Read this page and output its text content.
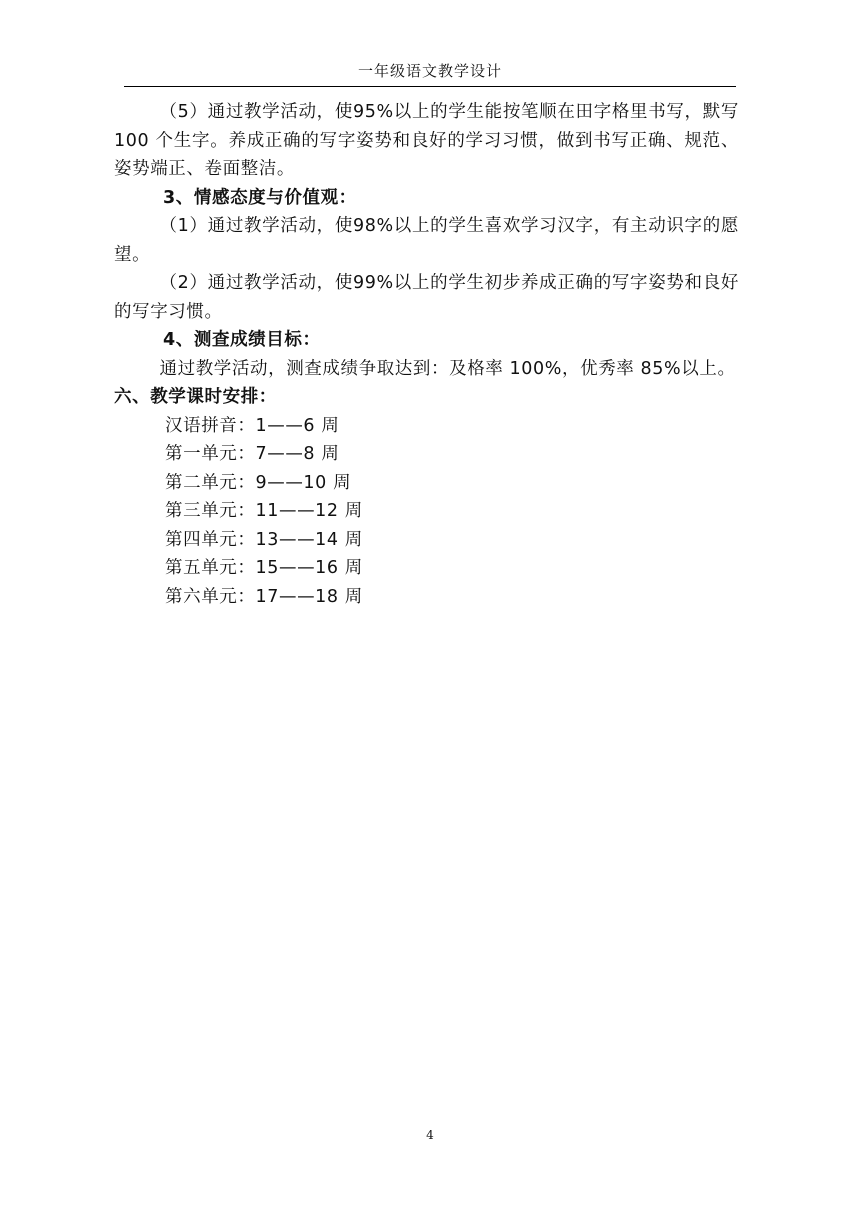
一年级语文教学设计

（5）通过教学活动，使95%以上的学生能按笔顺在田字格里书写，默写 100 个生字。养成正确的写字姿势和良好的学习习惯，做到书写正确、规范、姿势端正、卷面整洁。

3、情感态度与价值观：

（1）通过教学活动，使98%以上的学生喜欢学习汉字，有主动识字的愿望。

（2）通过教学活动，使99%以上的学生初步养成正确的写字姿势和良好的写字习惯。

4、测查成绩目标：

通过教学活动，测查成绩争取达到：及格率 100%，优秀率 85%以上。

六、教学课时安排：

汉语拼音：1——6 周

第一单元：7——8 周

第二单元：9——10 周

第三单元：11——12 周

第四单元：13——14 周

第五单元：15——16 周

第六单元：17——18 周

4
